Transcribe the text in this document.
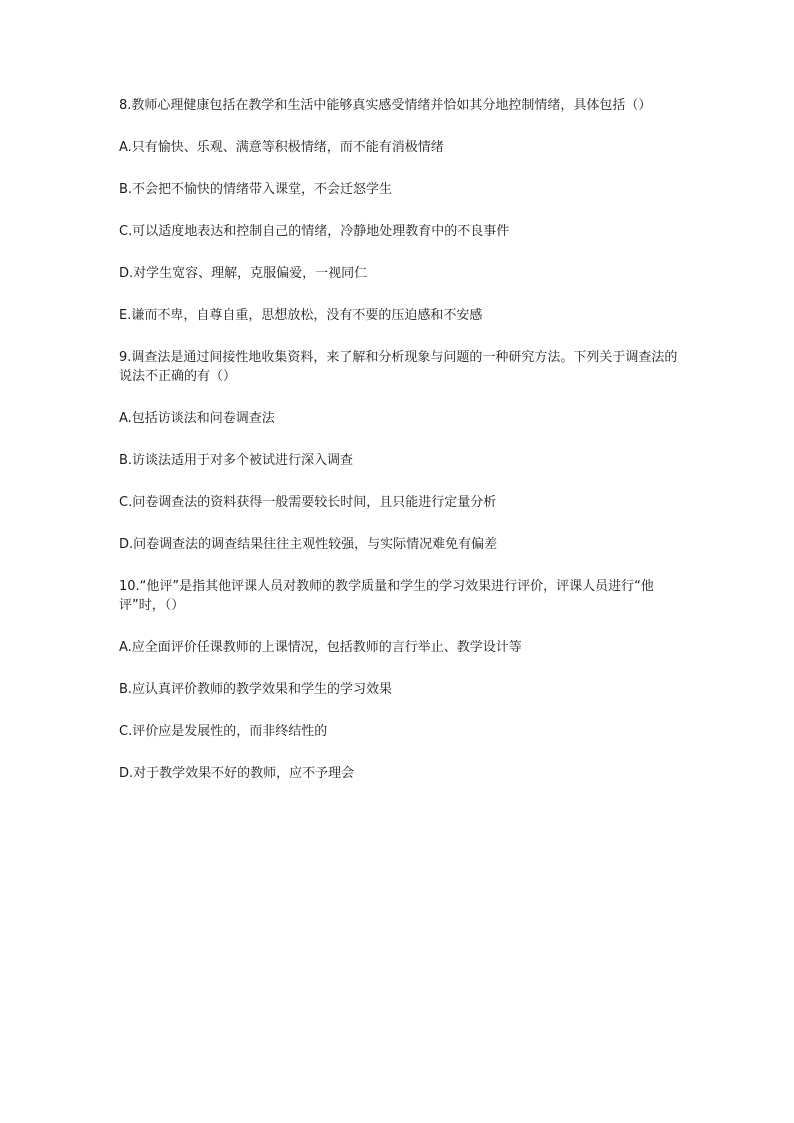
8.教师心理健康包括在教学和生活中能够真实感受情绪并恰如其分地控制情绪，具体包括（）

A.只有愉快、乐观、满意等积极情绪，而不能有消极情绪

B.不会把不愉快的情绪带入课堂，不会迁怒学生

C.可以适度地表达和控制自己的情绪，冷静地处理教育中的不良事件

D.对学生宽容、理解，克服偏爱，一视同仁

E.谦而不卑，自尊自重，思想放松，没有不要的压迫感和不安感

9.调查法是通过间接性地收集资料，来了解和分析现象与问题的一种研究方法。下列关于调查法的说法不正确的有（）

A.包括访谈法和问卷调查法

B.访谈法适用于对多个被试进行深入调查

C.问卷调查法的资料获得一般需要较长时间，且只能进行定量分析

D.问卷调查法的调查结果往往主观性较强，与实际情况难免有偏差

10.“他评”是指其他评课人员对教师的教学质量和学生的学习效果进行评价，评课人员进行“他评”时，（）

A.应全面评价任课教师的上课情况，包括教师的言行举止、教学设计等

B.应认真评价教师的教学效果和学生的学习效果

C.评价应是发展性的，而非终结性的

D.对于教学效果不好的教师，应不予理会
